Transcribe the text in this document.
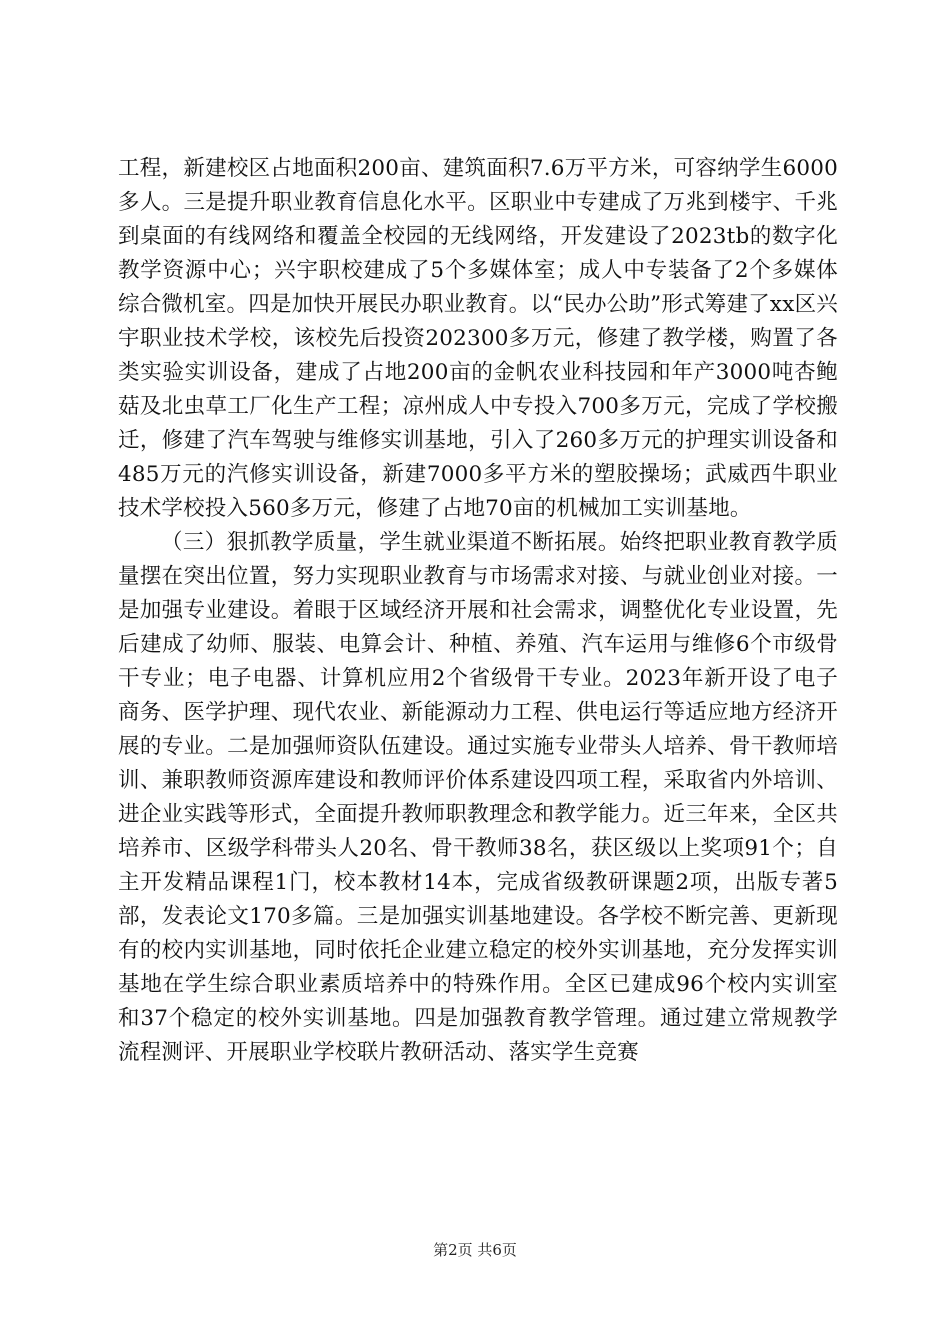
工程，新建校区占地面积200亩、建筑面积7.6万平方米，可容纳学生6000多人。三是提升职业教育信息化水平。区职业中专建成了万兆到楼宇、千兆到桌面的有线网络和覆盖全校园的无线网络，开发建设了2023tb的数字化教学资源中心；兴宇职校建成了5个多媒体室；成人中专装备了2个多媒体综合微机室。四是加快开展民办职业教育。以“民办公助”形式筹建了xx区兴宇职业技术学校，该校先后投资202300多万元，修建了教学楼，购置了各类实验实训设备，建成了占地200亩的金帆农业科技园和年产3000吨杏鲍菇及北虫草工厂化生产工程；凉州成人中专投入700多万元，完成了学校搬迁，修建了汽车驾驶与维修实训基地，引入了260多万元的护理实训设备和485万元的汽修实训设备，新建7000多平方米的塑胶操场；武威西牛职业技术学校投入560多万元，修建了占地70亩的机械加工实训基地。

（三）狠抓教学质量，学生就业渠道不断拓展。始终把职业教育教学质量摆在突出位置，努力实现职业教育与市场需求对接、与就业创业对接。一是加强专业建设。着眼于区域经济开展和社会需求，调整优化专业设置，先后建成了幼师、服装、电算会计、种植、养殖、汽车运用与维修6个市级骨干专业；电子电器、计算机应用2个省级骨干专业。2023年新开设了电子商务、医学护理、现代农业、新能源动力工程、供电运行等适应地方经济开展的专业。二是加强师资队伍建设。通过实施专业带头人培养、骨干教师培训、兼职教师资源库建设和教师评价体系建设四项工程，采取省内外培训、进企业实践等形式，全面提升教师职教理念和教学能力。近三年来，全区共培养市、区级学科带头人20名、骨干教师38名，获区级以上奖项91个；自主开发精品课程1门，校本教材14本，完成省级教研课题2项，出版专著5部，发表论文170多篇。三是加强实训基地建设。各学校不断完善、更新现有的校内实训基地，同时依托企业建立稳定的校外实训基地，充分发挥实训基地在学生综合职业素质培养中的特殊作用。全区已建成96个校内实训室和37个稳定的校外实训基地。四是加强教育教学管理。通过建立常规教学流程测评、开展职业学校联片教研活动、落实学生竞赛

第2页 共6页
